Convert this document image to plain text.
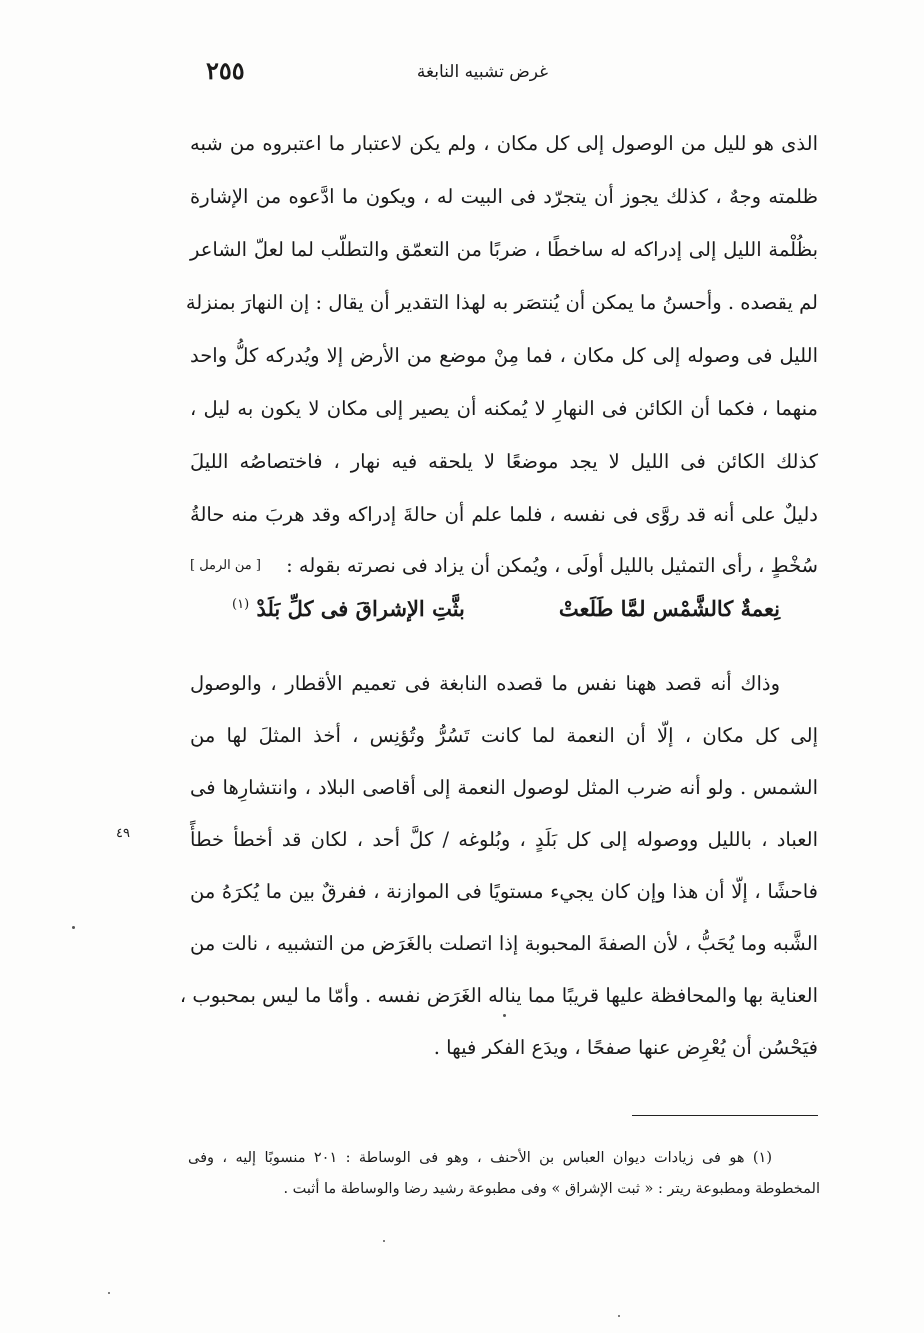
٢٥٥	غرض تشبيه النابغة
الذى هو لليل من الوصول إلى كل مكان ، ولم يكن لاعتبار ما اعتبروه من شبه
ظلمته وجهٌ ، كذلك يجوز أن يتجرّد فى البيت له ، ويكون ما ادَّعوه من الإشارة
بظُلْمة الليل إلى إدراكه له ساخطًا ، ضربًا من التعمّق والتطلّب لما لعلّ الشاعر
لم يقصده . وأحسنُ ما يمكن أن يُنتصَر به لهذا التقدير أن يقال : إن النهارَ بمنزلة
الليل فى وصوله إلى كل مكان ، فما مِنْ موضع من الأرض إلا ويُدركه كلُّ واحد
منهما ، فكما أن الكائن فى النهارِ لا يُمكنه أن يصير إلى مكان لا يكون به ليل ،
كذلك الكائن فى الليل لا يجد موضعًا لا يلحقه فيه نهار ، فاختصاصُه الليلَ
دليلٌ على أنه قد روَّى فى نفسه ، فلما علم أن حالةَ إدراكه وقد هربَ منه حالةُ
سُخْطٍ ، رأى التمثيل بالليل أولَى ، ويُمكن أن يزاد فى نصرته بقوله :
[ من الرمل ]
نِعمةٌ كالشَّمْس لمَّا طَلَعتْ
بثَّتِ الإشراقَ فى كلِّ بَلَدْ $^{(١)}$
وذاك أنه قصد ههنا نفس ما قصده النابغة فى تعميم الأقطار ، والوصول
إلى كل مكان ، إلّا أن النعمة لما كانت تَسُرُّ وتُؤنِس ، أخذ المثلَ لها من
الشمس . ولو أنه ضرب المثل لوصول النعمة إلى أقاصى البلاد ، وانتشارِها فى
العباد ، بالليل ووصوله إلى كل بَلَدٍ ، وبُلوغه / كلَّ أحد ، لكان قد أخطأ خطأً
فاحشًا ، إلّا أن هذا وإن كان يجيء مستويًا فى الموازنة ، ففرقٌ بين ما يُكرَهُ من
الشَّبه وما يُحَبُّ ، لأن الصفةَ المحبوبة إذا اتصلت بالغَرَض من التشبيه ، نالت من
العناية بها والمحافظة عليها قريبًا مما يناله الغَرَض نفسه . وأمّا ما ليس بمحبوب ،
فيَحْسُن أن يُعْرِض عنها صفحًا ، ويدَع الفكر فيها .
٤٩
(١) هو فى زيادات ديوان العباس بن الأحنف ، وهو فى الوساطة : ٢٠١ منسوبًا إليه ، وفى
المخطوطة ومطبوعة ريتر : « ثبت الإشراق » وفى مطبوعة رشيد رضا والوساطة ما أثبت .
